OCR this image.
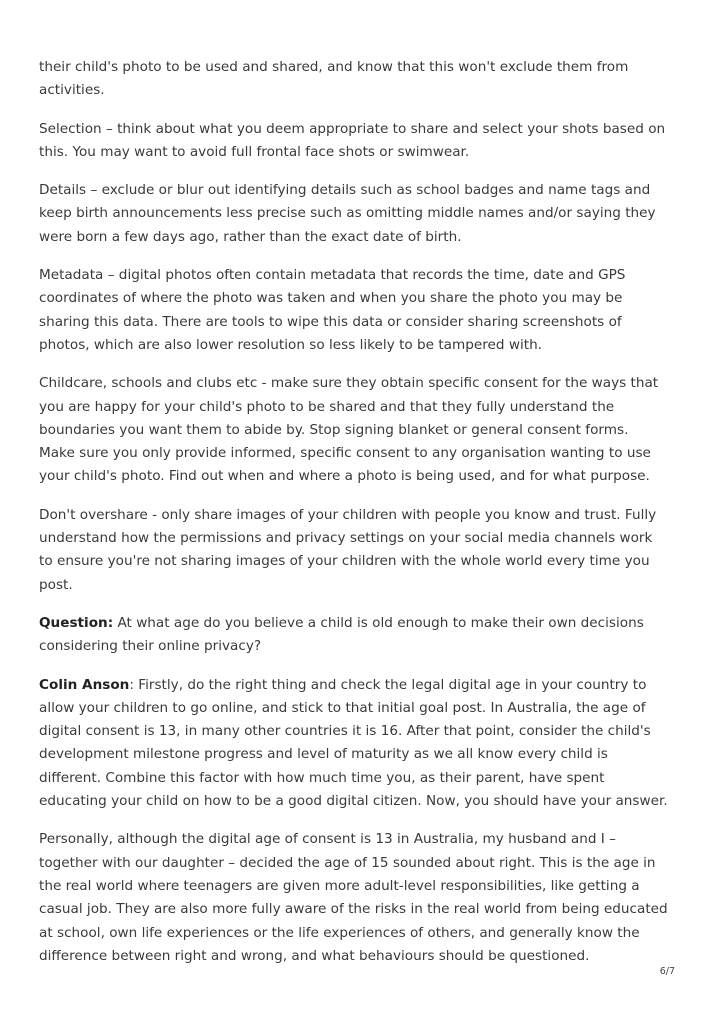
their child's photo to be used and shared, and know that this won't exclude them from
activities.

Selection – think about what you deem appropriate to share and select your shots based on
this. You may want to avoid full frontal face shots or swimwear.

Details – exclude or blur out identifying details such as school badges and name tags and
keep birth announcements less precise such as omitting middle names and/or saying they
were born a few days ago, rather than the exact date of birth.

Metadata – digital photos often contain metadata that records the time, date and GPS
coordinates of where the photo was taken and when you share the photo you may be
sharing this data. There are tools to wipe this data or consider sharing screenshots of
photos, which are also lower resolution so less likely to be tampered with.

Childcare, schools and clubs etc - make sure they obtain specific consent for the ways that
you are happy for your child's photo to be shared and that they fully understand the
boundaries you want them to abide by. Stop signing blanket or general consent forms.
Make sure you only provide informed, specific consent to any organisation wanting to use
your child's photo. Find out when and where a photo is being used, and for what purpose.

Don't overshare - only share images of your children with people you know and trust. Fully
understand how the permissions and privacy settings on your social media channels work
to ensure you're not sharing images of your children with the whole world every time you
post.

Question: At what age do you believe a child is old enough to make their own decisions
considering their online privacy?

Colin Anson: Firstly, do the right thing and check the legal digital age in your country to
allow your children to go online, and stick to that initial goal post. In Australia, the age of
digital consent is 13, in many other countries it is 16. After that point, consider the child's
development milestone progress and level of maturity as we all know every child is
different. Combine this factor with how much time you, as their parent, have spent
educating your child on how to be a good digital citizen. Now, you should have your answer.

Personally, although the digital age of consent is 13 in Australia, my husband and I –
together with our daughter – decided the age of 15 sounded about right. This is the age in
the real world where teenagers are given more adult-level responsibilities, like getting a
casual job. They are also more fully aware of the risks in the real world from being educated
at school, own life experiences or the life experiences of others, and generally know the
difference between right and wrong, and what behaviours should be questioned.

6/7
